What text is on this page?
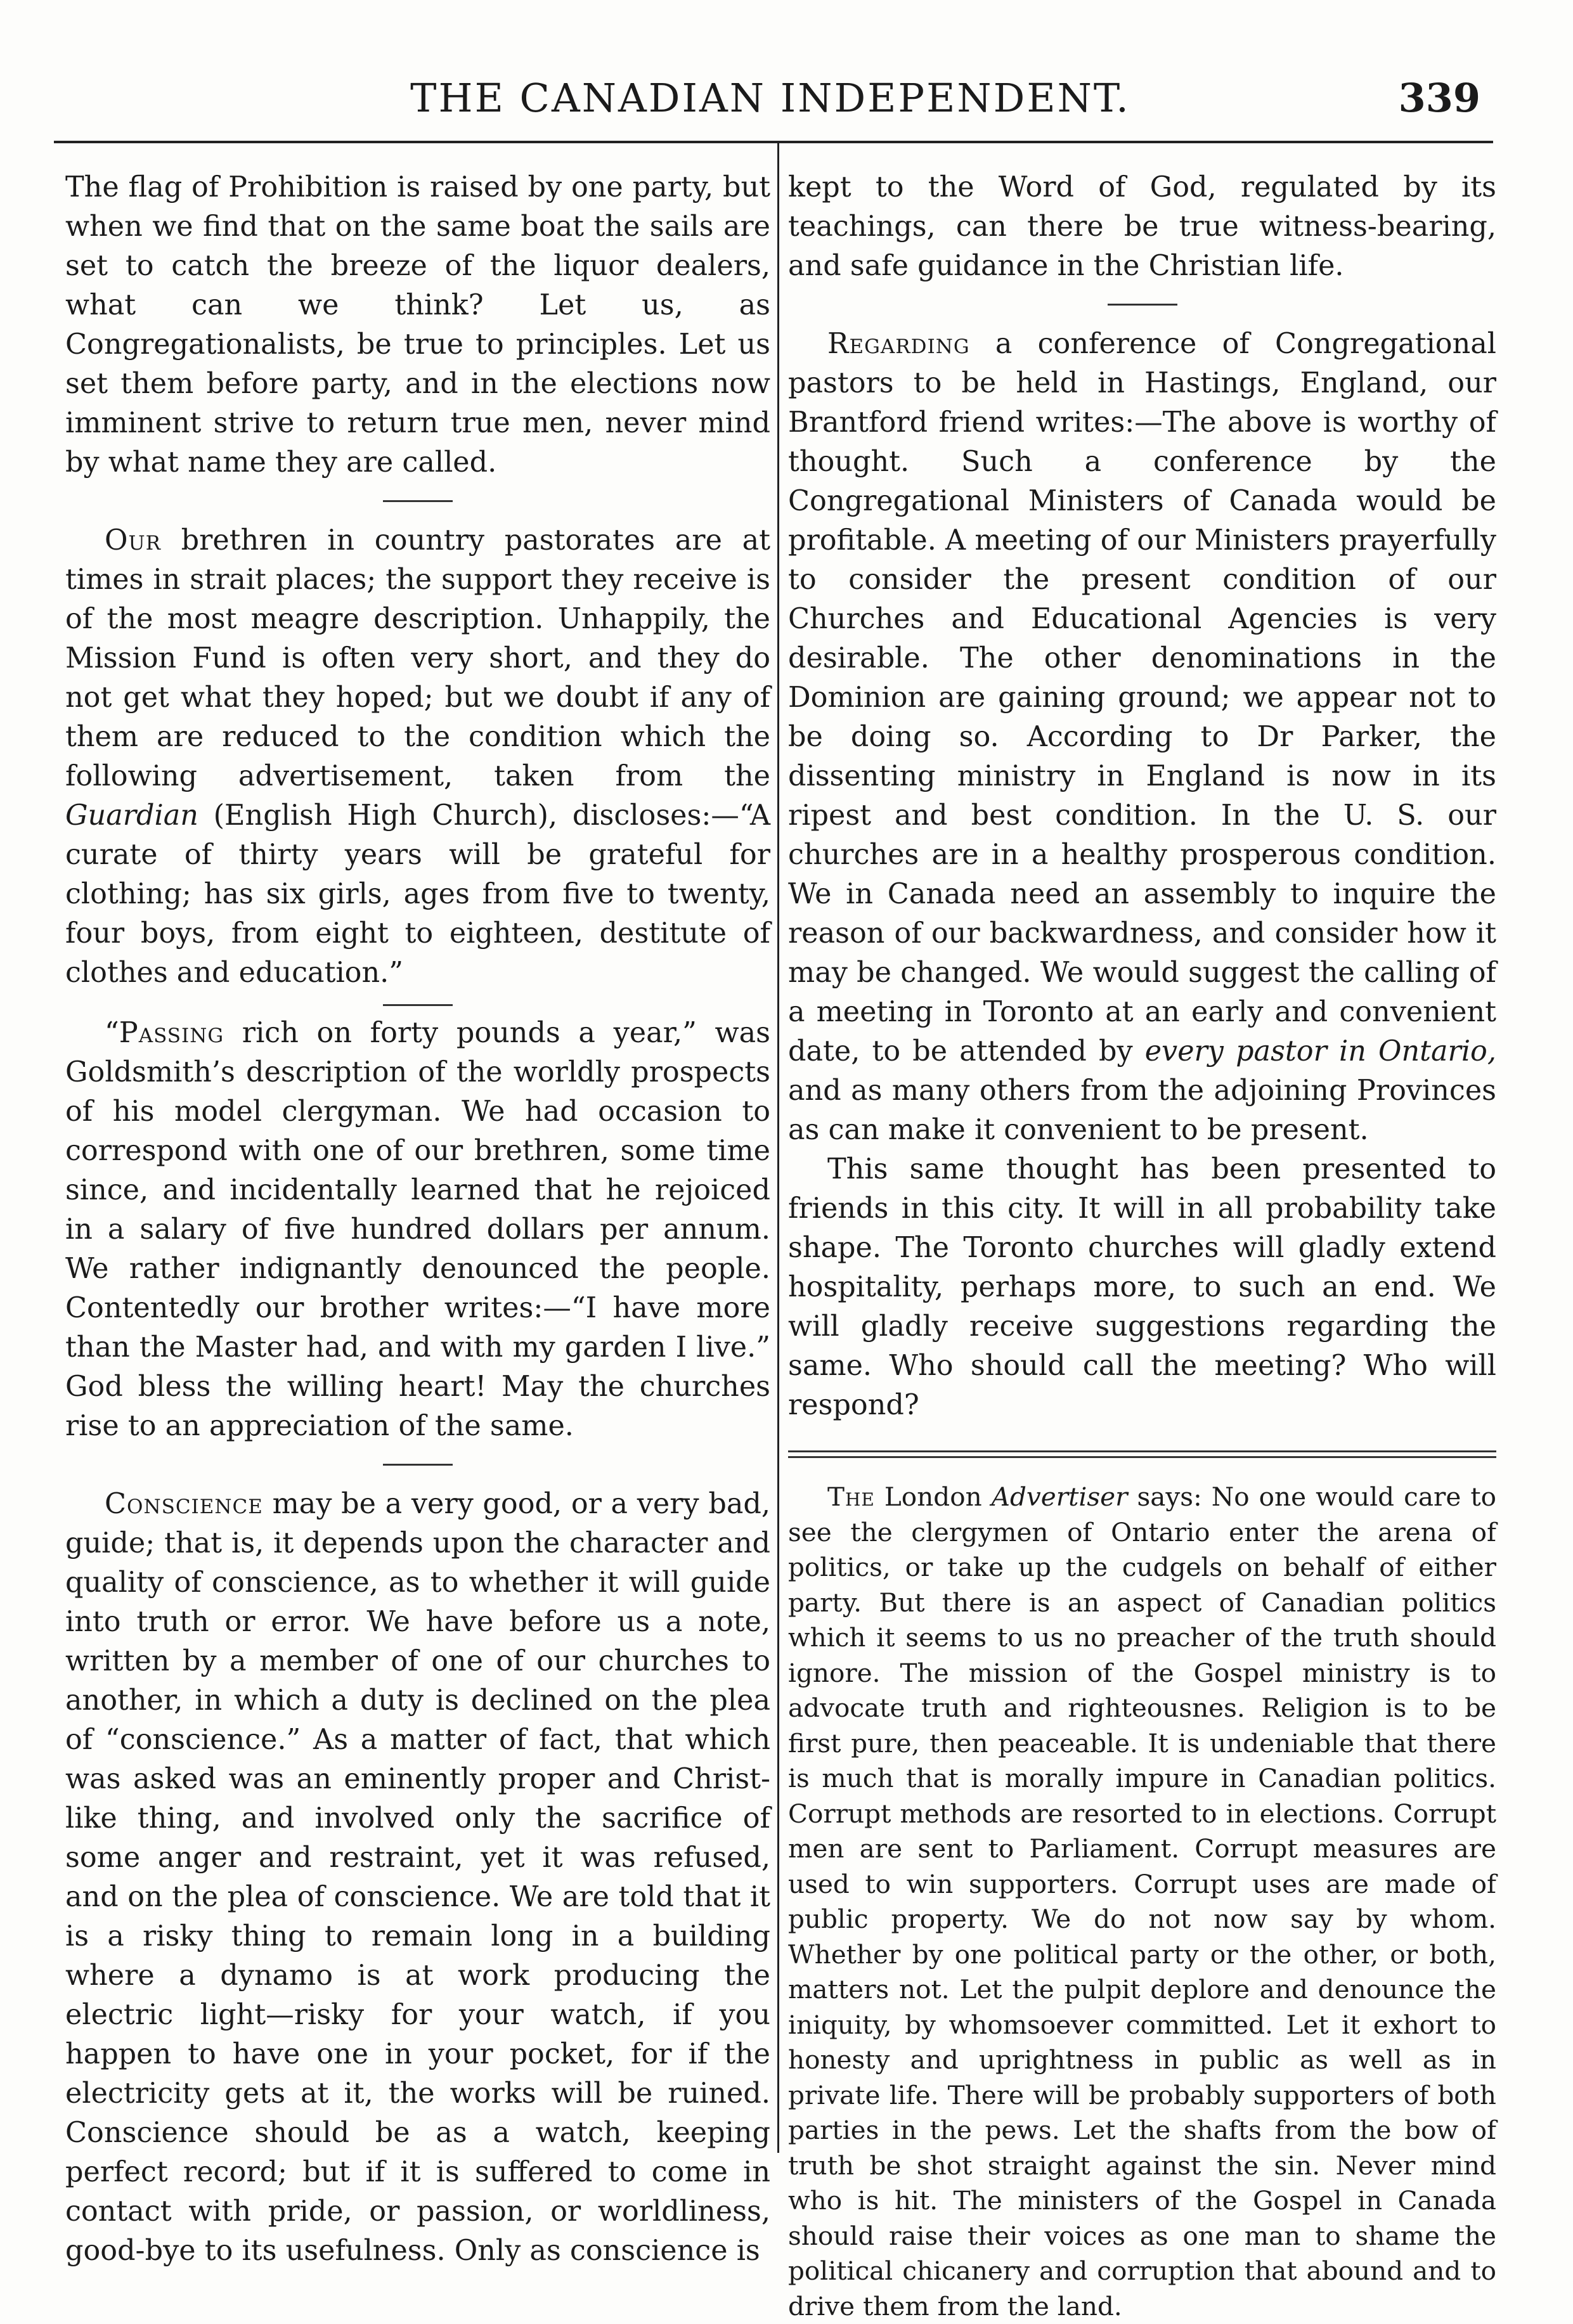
THE CANADIAN INDEPENDENT.	339

The flag of Prohibition is raised by one party, but when we find that on the same boat the sails are set to catch the breeze of the liquor dealers, what can we think? Let us, as Congregationalists, be true to principles. Let us set them before party, and in the elections now imminent strive to return true men, never mind by what name they are called.

Our brethren in country pastorates are at times in strait places; the support they receive is of the most meagre description. Unhappily, the Mission Fund is often very short, and they do not get what they hoped; but we doubt if any of them are reduced to the condition which the following advertisement, taken from the Guardian (English High Church), discloses:—“A curate of thirty years will be grateful for clothing; has six girls, ages from five to twenty, four boys, from eight to eighteen, destitute of clothes and education.”

“Passing rich on forty pounds a year,” was Goldsmith’s description of the worldly prospects of his model clergyman. We had occasion to correspond with one of our brethren, some time since, and incidentally learned that he rejoiced in a salary of five hundred dollars per annum. We rather indignantly denounced the people. Contentedly our brother writes:—“I have more than the Master had, and with my garden I live.” God bless the willing heart! May the churches rise to an appreciation of the same.

Conscience may be a very good, or a very bad, guide; that is, it depends upon the character and quality of conscience, as to whether it will guide into truth or error. We have before us a note, written by a member of one of our churches to another, in which a duty is declined on the plea of “conscience.” As a matter of fact, that which was asked was an eminently proper and Christ-like thing, and involved only the sacrifice of some anger and restraint, yet it was refused, and on the plea of conscience. We are told that it is a risky thing to remain long in a building where a dynamo is at work producing the electric light—risky for your watch, if you happen to have one in your pocket, for if the electricity gets at it, the works will be ruined. Conscience should be as a watch, keeping perfect record; but if it is suffered to come in contact with pride, or passion, or worldliness, good-bye to its usefulness. Only as conscience is

kept to the Word of God, regulated by its teachings, can there be true witness-bearing, and safe guidance in the Christian life.

Regarding a conference of Congregational pastors to be held in Hastings, England, our Brantford friend writes:—The above is worthy of thought. Such a conference by the Congregational Ministers of Canada would be profitable. A meeting of our Ministers prayerfully to consider the present condition of our Churches and Educational Agencies is very desirable. The other denominations in the Dominion are gaining ground; we appear not to be doing so. According to Dr Parker, the dissenting ministry in England is now in its ripest and best condition. In the U. S. our churches are in a healthy prosperous condition. We in Canada need an assembly to inquire the reason of our backwardness, and consider how it may be changed. We would suggest the calling of a meeting in Toronto at an early and convenient date, to be attended by every pastor in Ontario, and as many others from the adjoining Provinces as can make it convenient to be present.

This same thought has been presented to friends in this city. It will in all probability take shape. The Toronto churches will gladly extend hospitality, perhaps more, to such an end. We will gladly receive suggestions regarding the same. Who should call the meeting? Who will respond?

The London Advertiser says: No one would care to see the clergymen of Ontario enter the arena of politics, or take up the cudgels on behalf of either party. But there is an aspect of Canadian politics which it seems to us no preacher of the truth should ignore. The mission of the Gospel ministry is to advocate truth and righteousnes. Religion is to be first pure, then peaceable. It is undeniable that there is much that is morally impure in Canadian politics. Corrupt methods are resorted to in elections. Corrupt men are sent to Parliament. Corrupt measures are used to win supporters. Corrupt uses are made of public property. We do not now say by whom. Whether by one political party or the other, or both, matters not. Let the pulpit deplore and denounce the iniquity, by whomsoever committed. Let it exhort to honesty and uprightness in public as well as in private life. There will be probably supporters of both parties in the pews. Let the shafts from the bow of truth be shot straight against the sin. Never mind who is hit. The ministers of the Gospel in Canada should raise their voices as one man to shame the political chicanery and corruption that abound and to drive them from the land.
